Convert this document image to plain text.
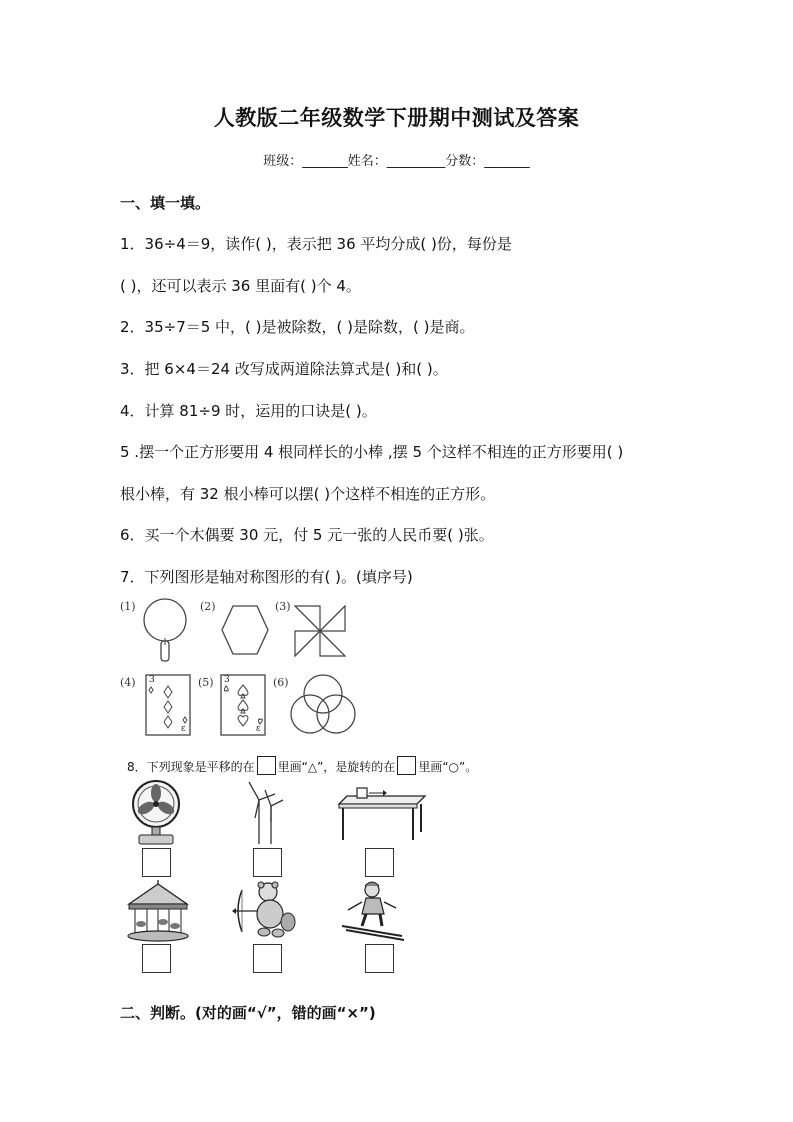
人教版二年级数学下册期中测试及答案
班级：_______姓名：_________分数：_______
一、填一填。
1．36÷4＝9，读作( )，表示把 36 平均分成( )份，每份是
( )，还可以表示 36 里面有( )个 4。
2．35÷7＝5 中，( )是被除数，( )是除数，( )是商。
3．把 6×4＝24 改写成两道除法算式是( )和( )。
4．计算 81÷9 时，运用的口诀是( )。
5 .摆一个正方形要用 4 根同样长的小棒 ,摆 5 个这样不相连的正方形要用( )
根小棒，有 32 根小棒可以摆( )个这样不相连的正方形。
6．买一个木偶要 30 元，付 5 元一张的人民币要( )张。
7．下列图形是轴对称图形的有( )。(填序号)
(1)	(2)	(3)
(4) 3
ε
(5) 3
ε
(6)
8．下列现象是平移的在 里画“△”，是旋转的在 里画“○”。
二、判断。(对的画“√”，错的画“×”)
